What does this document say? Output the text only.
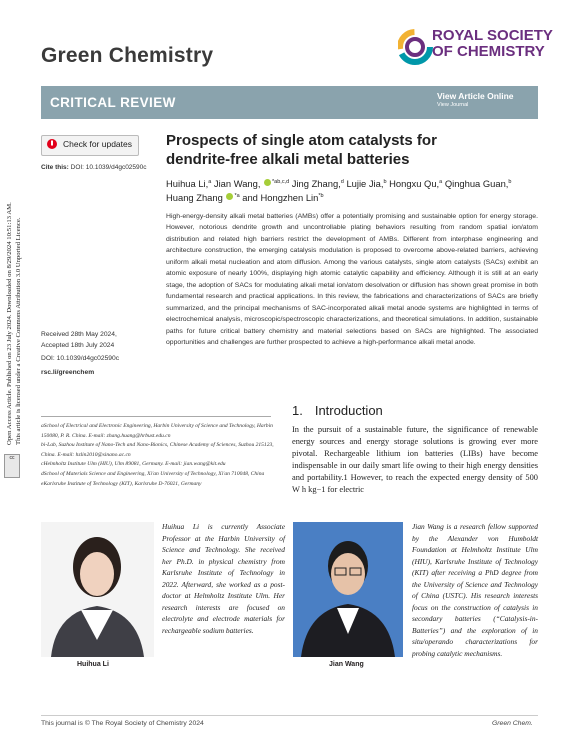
Green Chemistry
ROYAL SOCIETY
OF CHEMISTRY
CRITICAL REVIEW	View Article Online
View Journal
Open Access Article. Published on 23 July 2024. Downloaded on 8/29/2024 10:51:13 AM. This article is licensed under a Creative Commons Attribution 3.0 Unported Licence.
cc
Check for updates
Cite this: DOI: 10.1039/d4gc02590c
Prospects of single atom catalysts for dendrite-free alkali metal batteries
Huihua Li,$^a$ Jian Wang, $^{*ab,c,d}$ Jing Zhang,$^d$ Lujie Jia,$^b$ Hongxu Qu,$^a$ Qinghua Guan,$^b$
Huang Zhang $^{*a}$ and Hongzhen Lin$^{*b}$
High-energy-density alkali metal batteries (AMBs) offer a potentially promising and sustainable option for energy storage. However, notorious dendrite growth and uncontrollable plating behaviors resulting from random spatial ion/atom distribution and related high barriers restrict the development of AMBs. Different from interphase engineering and architecture construction, the emerging catalysis modulation is proposed to overcome above-related barriers, achieving uniform alkali metal nucleation and atom diffusion. Among the various catalysts, single atom catalysts (SACs) exhibit an atomic exposure of nearly 100%, displaying high atomic catalytic capability and efficiency. Although it is still at an early stage, the adoption of SACs for modulating alkali metal ion/atom desolvation or diffusion has shown great promise in both fundamental research and practical applications. In this review, the fabrications and characterizations of SACs are briefly summarized, and the principal mechanisms of SAC-incorporated alkali metal anode systems are highlighted in terms of electrochemical analysis, microscopic/spectroscopic characterizations, and theoretical simulations. In addition, sustainable paths for future critical battery chemistry and material selections based on SACs are highlighted. The associated opportunities and challenges are further prospected to achieve a high-performance alkali metal anode.
Received 28th May 2024,
Accepted 18th July 2024
DOI: 10.1039/d4gc02590c
rsc.li/greenchem

aSchool of Electrical and Electronic Engineering, Harbin University of Science and Technology, Harbin 150080, P. R. China. E-mail: zhang.huang@hrbust.edu.cn

bi-Lab, Suzhou Institute of Nano-Tech and Nano-Bionics, Chinese Academy of Sciences, Suzhou 215123, China. E-mail: hzlin2010@sinano.ac.cn

cHelmholtz Institute Ulm (HIU), Ulm 89081, Germany. E-mail: jian.wang@kit.edu

dSchool of Materials Science and Engineering, Xi'an University of Technology, Xi'an 710048, China

eKarlsruhe Institute of Technology (KIT), Karlsruhe D-76021, Germany

1. Introduction
In the pursuit of a sustainable future, the significance of renewable energy sources and energy storage solutions is growing ever more pivotal. Rechargeable lithium ion batteries (LIBs) have become indispensable in our daily smart life owing to their high energy densities and portability.1 However, to reach the expected energy density of 500 W h kg−1 for electric
Huihua Li
Huihua Li is currently Associate Professor at the Harbin University of Science and Technology. She received her Ph.D. in physical chemistry from Karlsruhe Institute of Technology in 2022. Afterward, she worked as a post-doctor at Helmholtz Institute Ulm. Her research interests are focused on electrolyte and electrode materials for rechargeable sodium batteries.
Jian Wang
Jian Wang is a research fellow supported by the Alexander von Humboldt Foundation at Helmholtz Institute Ulm (HIU), Karlsruhe Institute of Technology (KIT) after receiving a PhD degree from the University of Science and Technology of China (USTC). His research interests focus on the construction of catalysis in secondary batteries (“Catalysis-in-Batteries”) and the exploration of in situ/operando characterizations for probing catalytic mechanisms.
This journal is © The Royal Society of Chemistry 2024	Green Chem.
